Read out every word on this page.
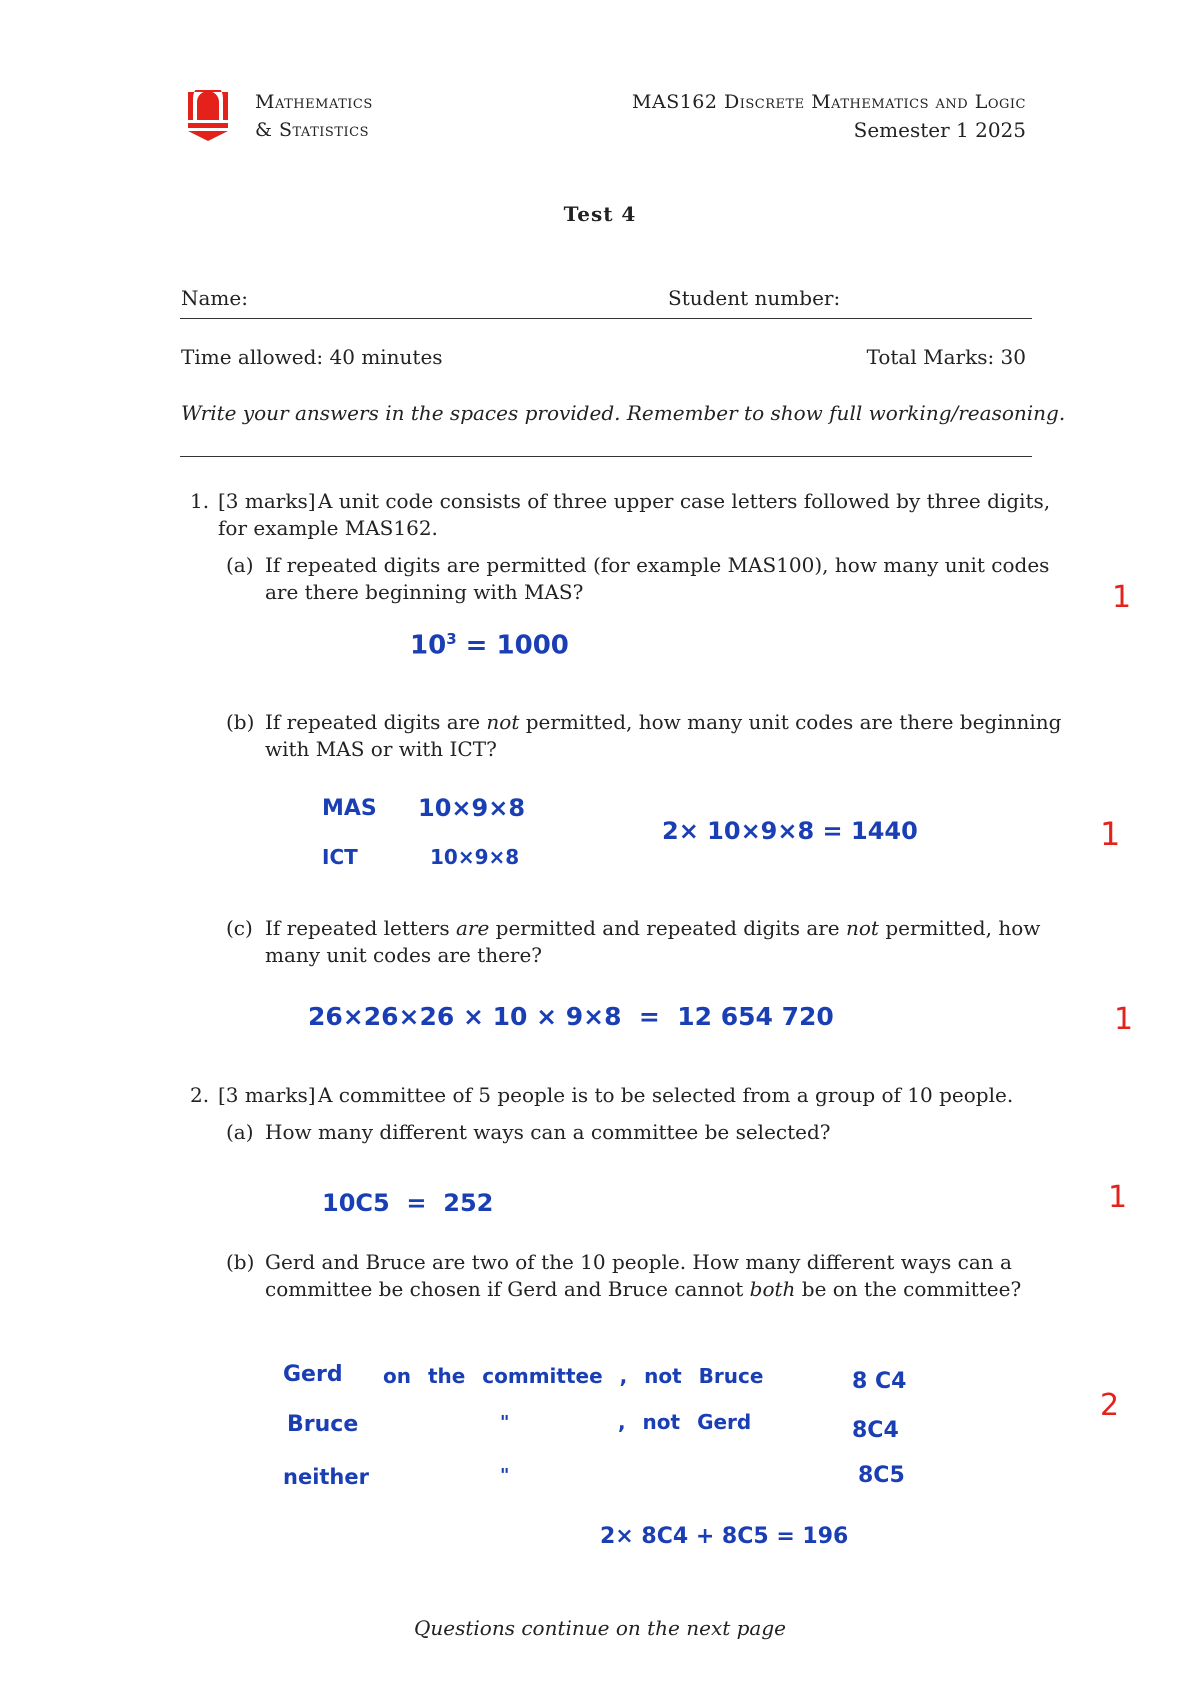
Mathematics
& Statistics
MAS162 Discrete Mathematics and Logic
Semester 1 2025
Test 4
Name:	Student number:
Time allowed: 40 minutes	Total Marks: 30
Write your answers in the spaces provided. Remember to show full working/reasoning.
1. [3 marks] A unit code consists of three upper case letters followed by three digits,
for example MAS162.
(a) If repeated digits are permitted (for example MAS100), how many unit codes
are there beginning with MAS?
$10^3 = 1000$
1
(b) If repeated digits are not permitted, how many unit codes are there beginning
with MAS or with ICT?
MAS 10×9×8
ICT	10×9×8
2× 10×9×8 = 1440	1
(c) If repeated letters are permitted and repeated digits are not permitted, how
many unit codes are there?
26×26×26 × 10 × 9×8  =  12 654 720	1
2. [3 marks] A committee of 5 people is to be selected from a group of 10 people.
(a) How many different ways can a committee be selected?
10C5  =  252	1
(b) Gerd and Bruce are two of the 10 people. How many different ways can a
committee be chosen if Gerd and Bruce cannot both be on the committee?
Gerd on the committee , not Bruce	8 C4
Bruce	"	, not Gerd	8C4
neither	"	8C5
2× 8C4 + 8C5 = 196
2
Questions continue on the next page
